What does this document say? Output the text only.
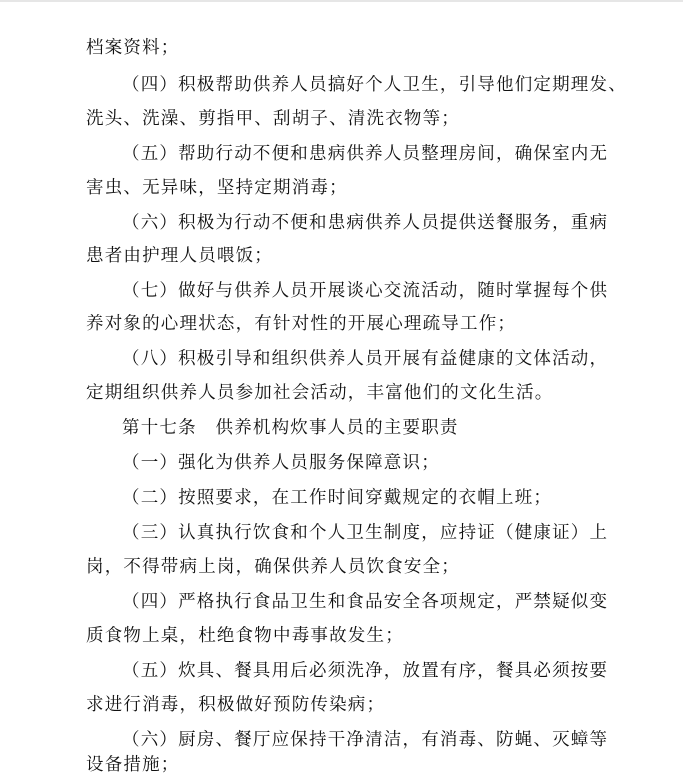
档案资料；
（四）积极帮助供养人员搞好个人卫生，引导他们定期理发、
洗头、洗澡、剪指甲、刮胡子、清洗衣物等；
（五）帮助行动不便和患病供养人员整理房间，确保室内无
害虫、无异味，坚持定期消毒；
（六）积极为行动不便和患病供养人员提供送餐服务，重病
患者由护理人员喂饭；
（七）做好与供养人员开展谈心交流活动，随时掌握每个供
养对象的心理状态，有针对性的开展心理疏导工作；
（八）积极引导和组织供养人员开展有益健康的文体活动，
定期组织供养人员参加社会活动，丰富他们的文化生活。
第十七条　供养机构炊事人员的主要职责
（一）强化为供养人员服务保障意识；
（二）按照要求，在工作时间穿戴规定的衣帽上班；
（三）认真执行饮食和个人卫生制度，应持证（健康证）上
岗，不得带病上岗，确保供养人员饮食安全；
（四）严格执行食品卫生和食品安全各项规定，严禁疑似变
质食物上桌，杜绝食物中毒事故发生；
（五）炊具、餐具用后必须洗净，放置有序，餐具必须按要
求进行消毒，积极做好预防传染病；
（六）厨房、餐厅应保持干净清洁，有消毒、防蝇、灭蟑等
设备措施；
